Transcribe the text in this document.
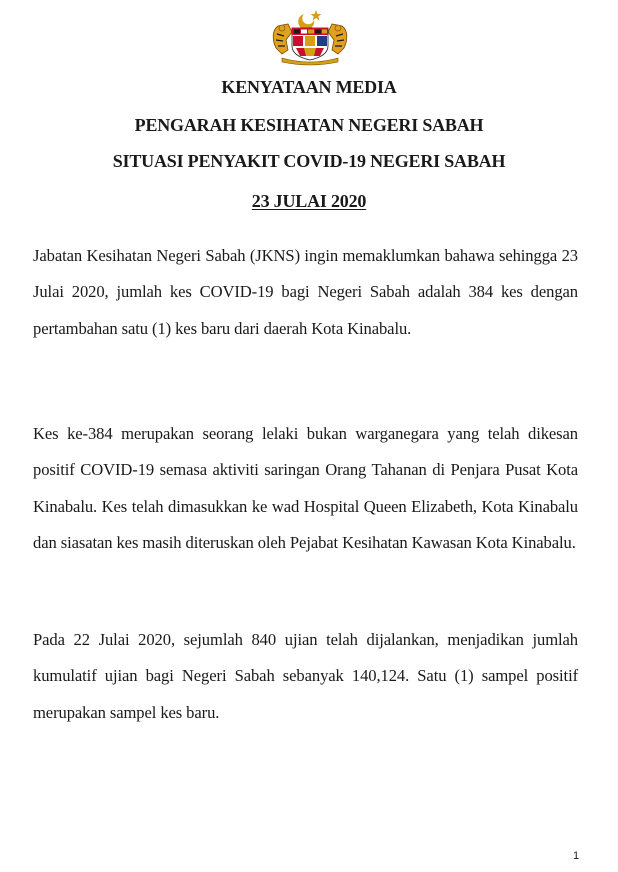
KENYATAAN MEDIA
PENGARAH KESIHATAN NEGERI SABAH
SITUASI PENYAKIT COVID-19 NEGERI SABAH
23 JULAI 2020

Jabatan Kesihatan Negeri Sabah (JKNS) ingin memaklumkan bahawa sehingga 23 Julai 2020, jumlah kes COVID-19 bagi Negeri Sabah adalah 384 kes dengan pertambahan satu (1) kes baru dari daerah Kota Kinabalu.

Kes ke-384 merupakan seorang lelaki bukan warganegara yang telah dikesan positif COVID-19 semasa aktiviti saringan Orang Tahanan di Penjara Pusat Kota Kinabalu. Kes telah dimasukkan ke wad Hospital Queen Elizabeth, Kota Kinabalu dan siasatan kes masih diteruskan oleh Pejabat Kesihatan Kawasan Kota Kinabalu.

Pada 22 Julai 2020, sejumlah 840 ujian telah dijalankan, menjadikan jumlah kumulatif ujian bagi Negeri Sabah sebanyak 140,124. Satu (1) sampel positif merupakan sampel kes baru.

1
